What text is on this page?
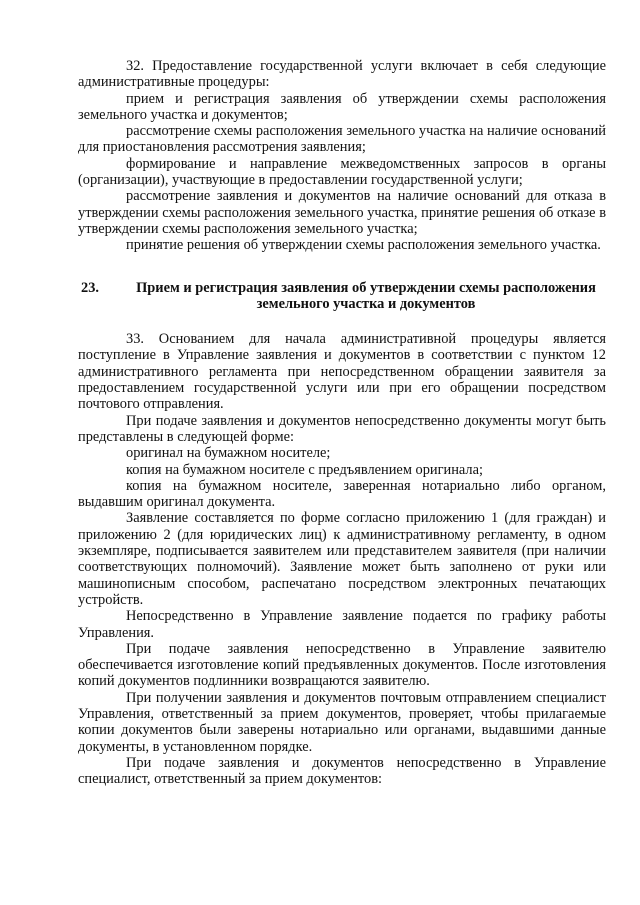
32. Предоставление государственной услуги включает в себя следующие административные процедуры:

прием и регистрация заявления об утверждении схемы расположения земельного участка и документов;

рассмотрение схемы расположения земельного участка на наличие оснований для приостановления рассмотрения заявления;

формирование и направление межведомственных запросов в органы (организации), участвующие в предоставлении государственной услуги;

рассмотрение заявления и документов на наличие оснований для отказа в утверждении схемы расположения земельного участка, принятие решения об отказе в утверждении схемы расположения земельного участка;

принятие решения об утверждении схемы расположения земельного участка.

23.	Прием и регистрация заявления об утверждении схемы расположения земельного участка и документов

33. Основанием для начала административной процедуры является поступление в Управление заявления и документов в соответствии с пунктом 12 административного регламента при непосредственном обращении заявителя за предоставлением государственной услуги или при его обращении посредством почтового отправления.

При подаче заявления и документов непосредственно документы могут быть представлены в следующей форме:

оригинал на бумажном носителе;

копия на бумажном носителе с предъявлением оригинала;

копия на бумажном носителе, заверенная нотариально либо органом, выдавшим оригинал документа.

Заявление составляется по форме согласно приложению 1 (для граждан) и приложению 2 (для юридических лиц) к административному регламенту, в одном экземпляре, подписывается заявителем или представителем заявителя (при наличии соответствующих полномочий). Заявление может быть заполнено от руки или машинописным способом, распечатано посредством электронных печатающих устройств.

Непосредственно в Управление заявление подается по графику работы Управления.

При подаче заявления непосредственно в Управление заявителю обеспечивается изготовление копий предъявленных документов. После изготовления копий документов подлинники возвращаются заявителю.

При получении заявления и документов почтовым отправлением специалист Управления, ответственный за прием документов, проверяет, чтобы прилагаемые копии документов были заверены нотариально или органами, выдавшими данные документы, в установленном порядке.

При подаче заявления и документов непосредственно в Управление специалист, ответственный за прием документов:
